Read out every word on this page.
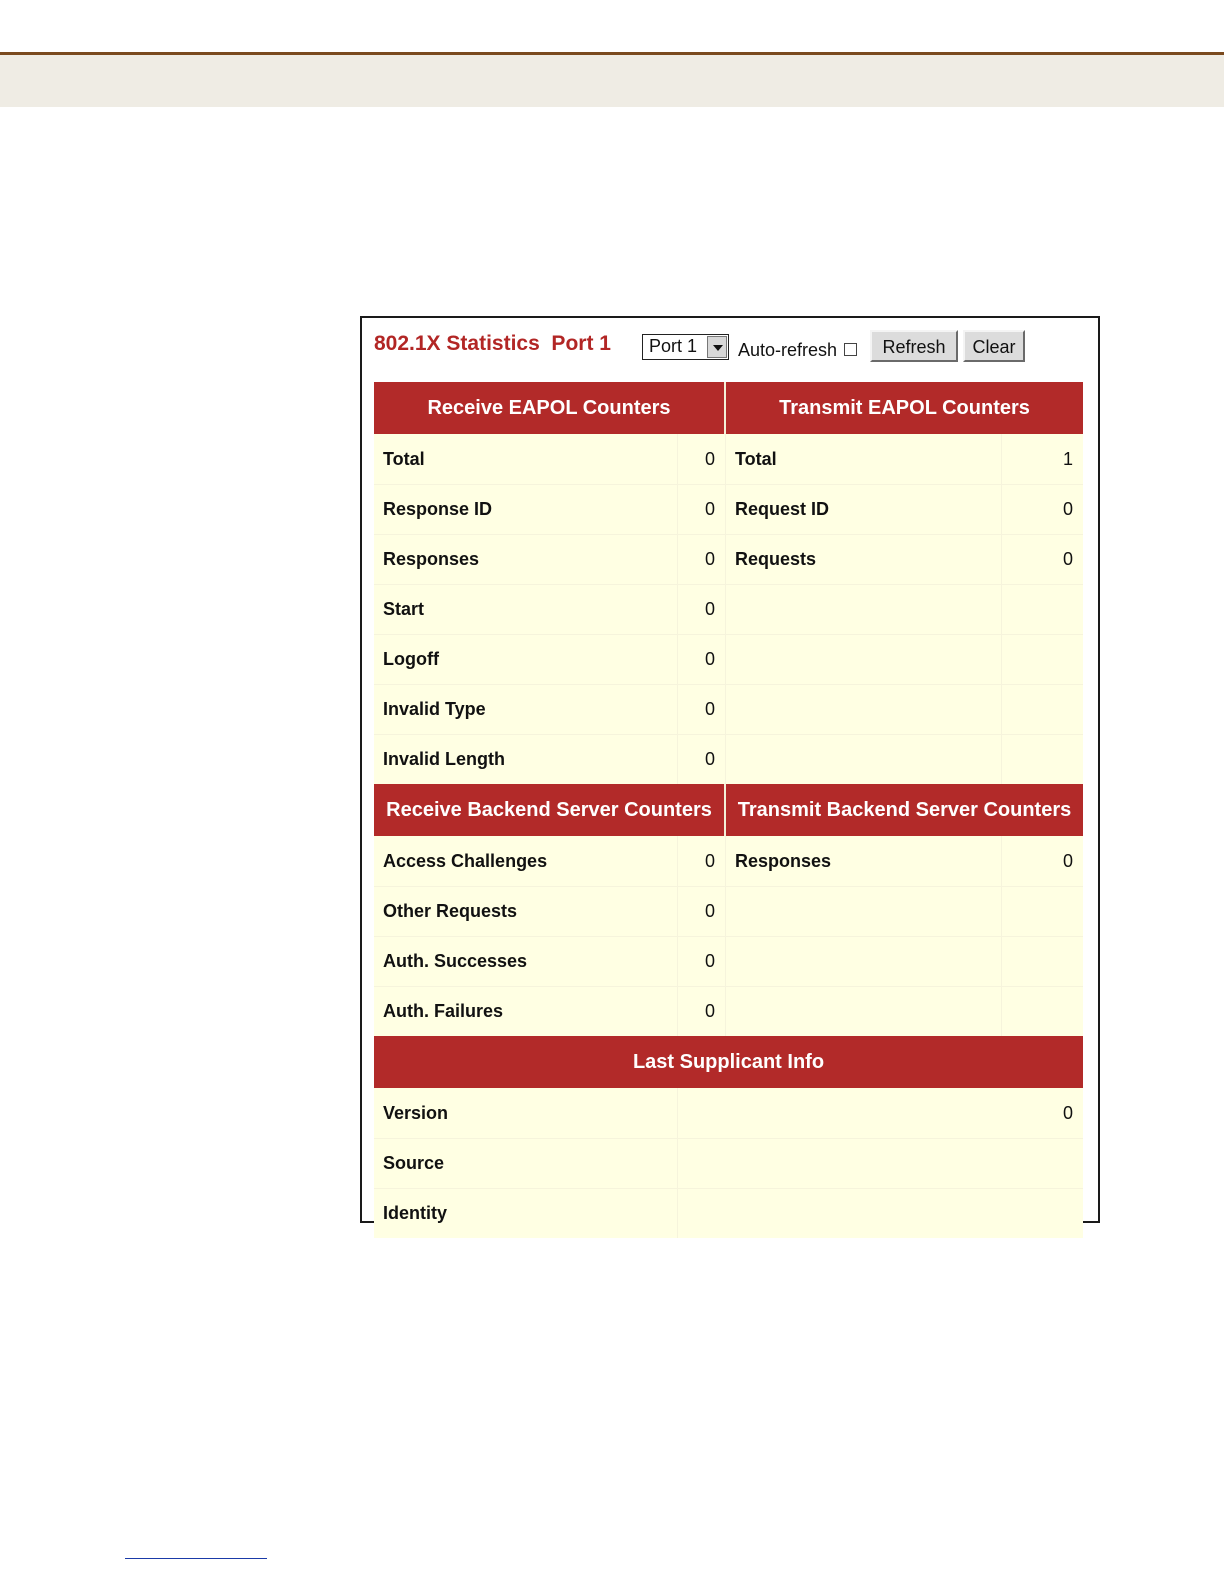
802.1X Statistics  Port 1 Port 1 Auto-refresh	Refresh	Clear
Receive EAPOL Counters	Transmit EAPOL Counters
Total	0	Total	1
Response ID	0	Request ID	0
Responses	0	Requests	0
Start	0
Logoff	0
Invalid Type	0
Invalid Length	0
Receive Backend Server Counters	Transmit Backend Server Counters
Access Challenges	0	Responses	0
Other Requests	0
Auth. Successes	0
Auth. Failures	0
Last Supplicant Info
Version	0
Source
Identity
